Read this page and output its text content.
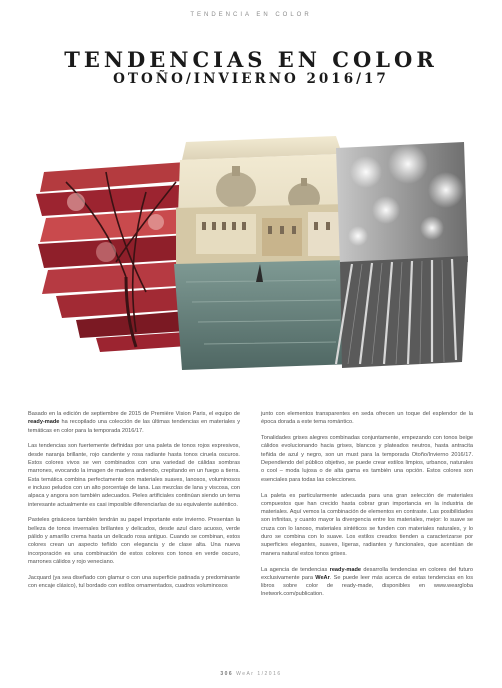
TENDENCIA EN COLOR
TENDENCIAS EN COLOR
OTOÑO/INVIERNO 2016/17

Basado en la edición de septiembre de 2015 de Première Vision Paris, el equipo de ready-made ha recopilado una colección de las últimas tendencias en materiales y temáticas en color para la temporada 2016/17.

Las tendencias son fuertemente definidas por una paleta de tonos rojos expresivos, desde naranja brillante, rojo candente y rosa radiante hasta tonos ciruela oscuros. Estos colores vivos se ven combinados con una variedad de cálidas sombras marrones, evocando la imagen de madera ardiendo, crepitando en un fuego a tierra. Esta temática combina perfectamente con materiales suaves, lanosos, voluminosos e incluso peludos con un alto porcentaje de lana. Las mezclas de lana y viscosa, con alpaca y angora son también adecuados. Pieles artificiales continúan siendo un tema interesante actualmente es casi imposible diferenciarlas de su equivalente auténtico.

Pasteles grisáceos también tendrán su papel importante este invierno. Presentan la belleza de tonos invernales brillantes y delicados, desde azul claro acuoso, verde pálido y amarillo crema hasta un delicado rosa antiguo. Cuando se combinan, estos colores crean un aspecto teñido con elegancia y de clase alta. Una nueva incorporación es una combinación de estos colores con tonos en verde oscuro, marrones cálidos y rojo veneciano.

Jacquard (ya sea diseñado con glamur o con una superficie patinada y predominante con encaje clásico), tul bordado con estilos ornamentados, cuadros voluminosos

junto con elementos transparentes en seda ofrecen un toque del esplendor de la época dorada a este tema romántico.

Tonalidades grises alegres combinadas conjuntamente, empezando con tonos beige cálidos evolucionando hacia grises, blancos y plateados neutros, hasta antracita teñida de azul y negro, son un must para la temporada Otoño/Invierno 2016/17. Dependiendo del público objetivo, se puede crear estilos limpios, urbanos, naturales o cool – moda lujosa o de alta gama es también una opción. Estos colores son esenciales para todas las colecciones.

La paleta es particularmente adecuada para una gran selección de materiales compuestos que han crecido hasta cobrar gran importancia en la industria de materiales. Aquí vemos la combinación de elementos en contraste. Las posibilidades son infinitas, y cuanto mayor la divergencia entre los materiales, mejor: lo suave se cruza con lo lanoso, materiales sintéticos se funden con materiales naturales, y lo duro se combina con lo suave. Los estilos creados tienden a caracterizarse por superficies elegantes, suaves, ligeras, radiantes y funcionales, que acentúan de manera natural estos tonos grises.

La agencia de tendencias ready-made desarrolla tendencias en colores del futuro exclusivamente para WeAr. Se puede leer más acerca de estas tendencias en los libros sobre color de ready-made, disponibles en www.weargloba lnetwork.com/publication.

306 WeAr 1/2016
